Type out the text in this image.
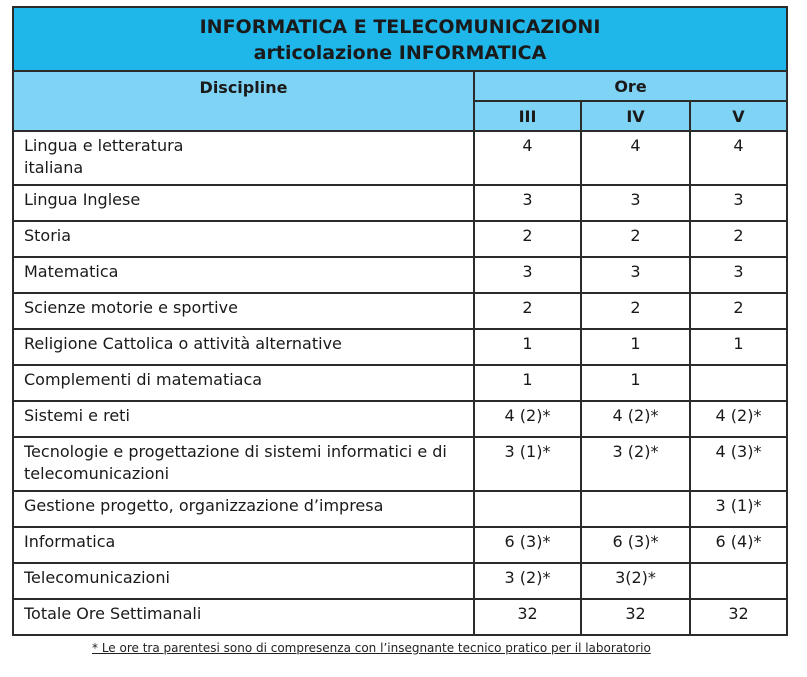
INFORMATICA E TELECOMUNICAZIONI
articolazione INFORMATICA			

Discipline	Ore		
	III	IV	V
Lingua e letteratura
italiana	4	4	4
Lingua Inglese	3	3	3
Storia	2	2	2
Matematica	3	3	3
Scienze motorie e sportive	2	2	2
Religione Cattolica o attività alternative	1	1	1
Complementi di matematiaca	1	1	
Sistemi e reti	4 (2)*	4 (2)*	4 (2)*
Tecnologie e progettazione di sistemi informatici e di telecomunicazioni	3 (1)*	3 (2)*	4 (3)*
Gestione progetto, organizzazione d’impresa			3 (1)*
Informatica	6 (3)*	6 (3)*	6 (4)*
Telecomunicazioni	3 (2)*	3(2)*	
Totale Ore Settimanali	32	32	32
* Le ore tra parentesi sono di compresenza con l’insegnante tecnico pratico per il laboratorio
